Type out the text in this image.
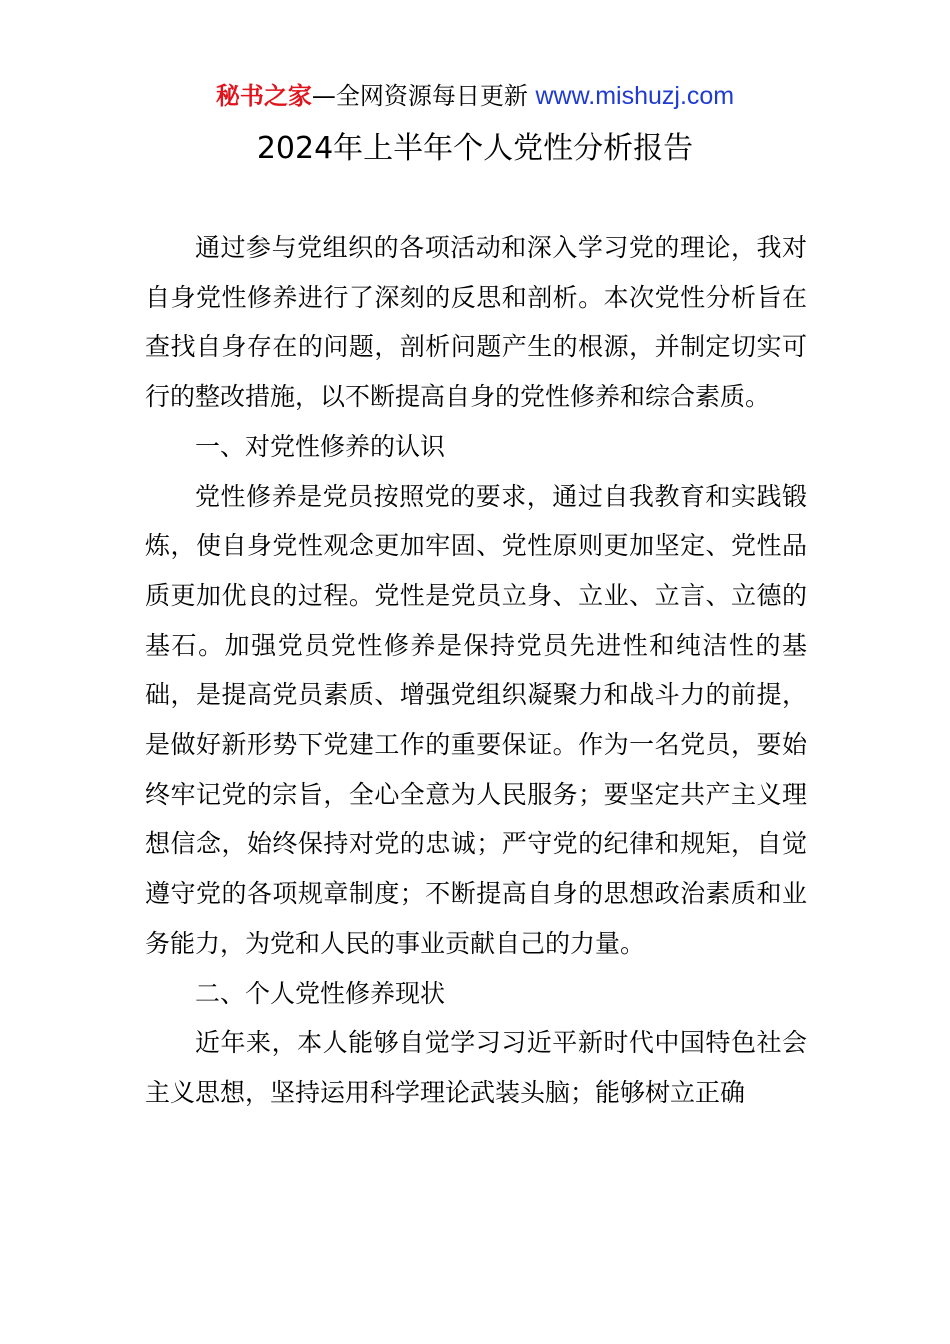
秘书之家—全网资源每日更新 www.mishuzj.com
2024年上半年个人党性分析报告

通过参与党组织的各项活动和深入学习党的理论，我对自身党性修养进行了深刻的反思和剖析。本次党性分析旨在查找自身存在的问题，剖析问题产生的根源，并制定切实可行的整改措施，以不断提高自身的党性修养和综合素质。

一、对党性修养的认识

党性修养是党员按照党的要求，通过自我教育和实践锻炼，使自身党性观念更加牢固、党性原则更加坚定、党性品质更加优良的过程。党性是党员立身、立业、立言、立德的基石。加强党员党性修养是保持党员先进性和纯洁性的基础，是提高党员素质、增强党组织凝聚力和战斗力的前提，是做好新形势下党建工作的重要保证。作为一名党员，要始终牢记党的宗旨，全心全意为人民服务；要坚定共产主义理想信念，始终保持对党的忠诚；严守党的纪律和规矩，自觉遵守党的各项规章制度；不断提高自身的思想政治素质和业务能力，为党和人民的事业贡献自己的力量。

二、个人党性修养现状

近年来，本人能够自觉学习习近平新时代中国特色社会主义思想，坚持运用科学理论武装头脑；能够树立正确
